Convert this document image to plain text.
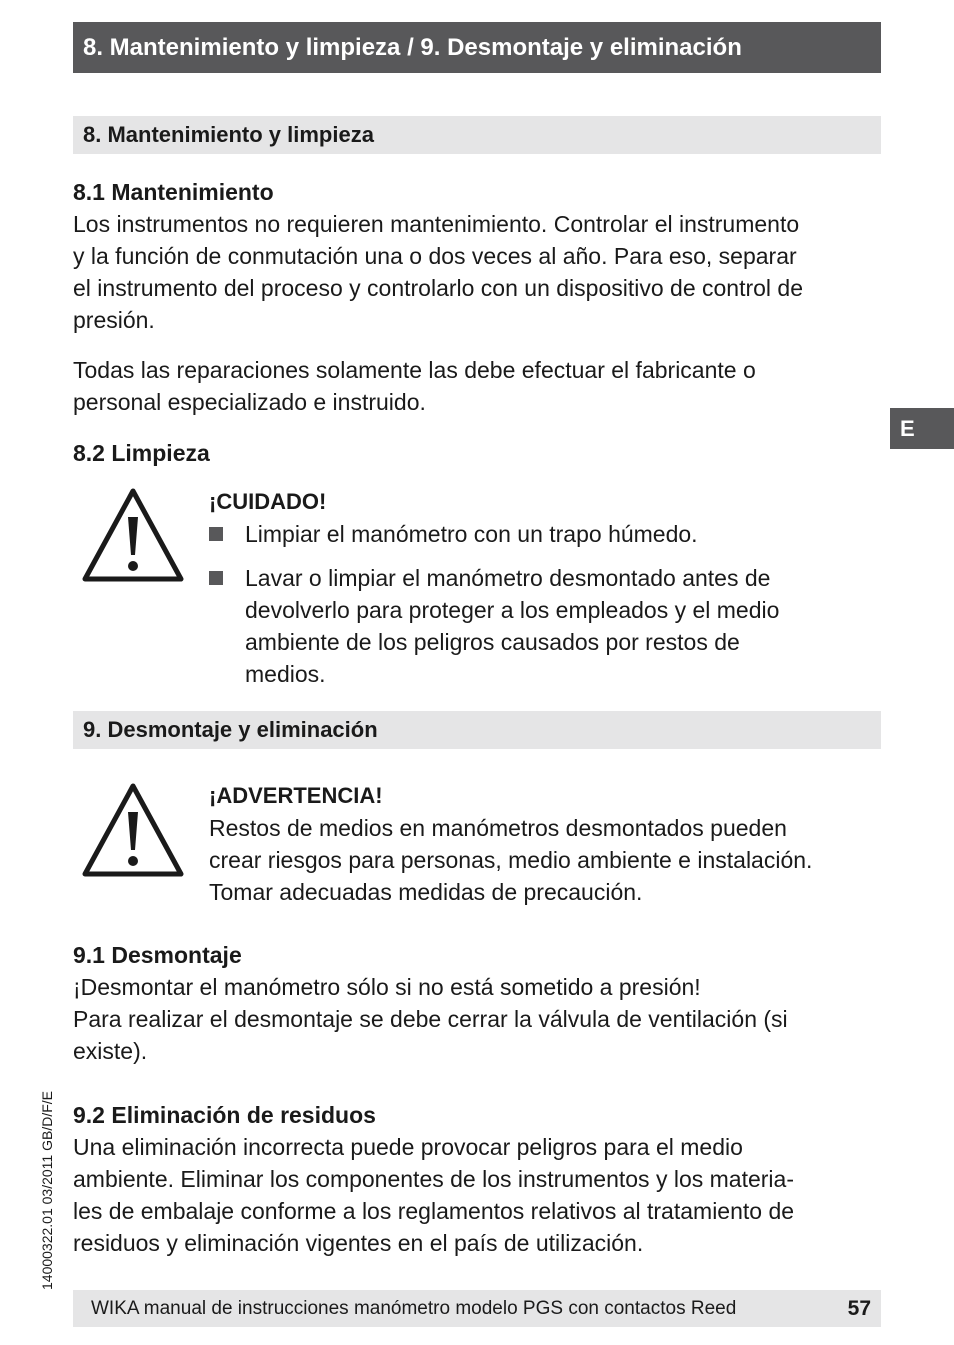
8. Mantenimiento y limpieza / 9. Desmontaje y eliminación
E
8. Mantenimiento y limpieza
8.1 Mantenimiento

Los instrumentos no requieren mantenimiento. Controlar el instrumento

y la función de conmutación una o dos veces al año. Para eso, separar

el instrumento del proceso y controlarlo con un dispositivo de control de

presión.

Todas las reparaciones solamente las debe efectuar el fabricante o

personal especializado e instruido.

8.2 Limpieza
¡CUIDADO!
Limpiar el manómetro con un trapo húmedo.
Lavar o limpiar el manómetro desmontado antes de
devolverlo para proteger a los empleados y el medio
ambiente de los peligros causados por restos de
medios.
9. Desmontaje y eliminación
¡ADVERTENCIA!

Restos de medios en manómetros desmontados pueden

crear riesgos para personas, medio ambiente e instalación.

Tomar adecuadas medidas de precaución.

9.1 Desmontaje

¡Desmontar el manómetro sólo si no está sometido a presión!

Para realizar el desmontaje se debe cerrar la válvula de ventilación (si

existe).

9.2 Eliminación de residuos

Una eliminación incorrecta puede provocar peligros para el medio

ambiente. Eliminar los componentes de los instrumentos y los materia-

les de embalaje conforme a los reglamentos relativos al tratamiento de

residuos y eliminación vigentes en el país de utilización.

14000322.01 03/2011 GB/D/F/E
WIKA manual de instrucciones manómetro modelo PGS con contactos Reed	57
